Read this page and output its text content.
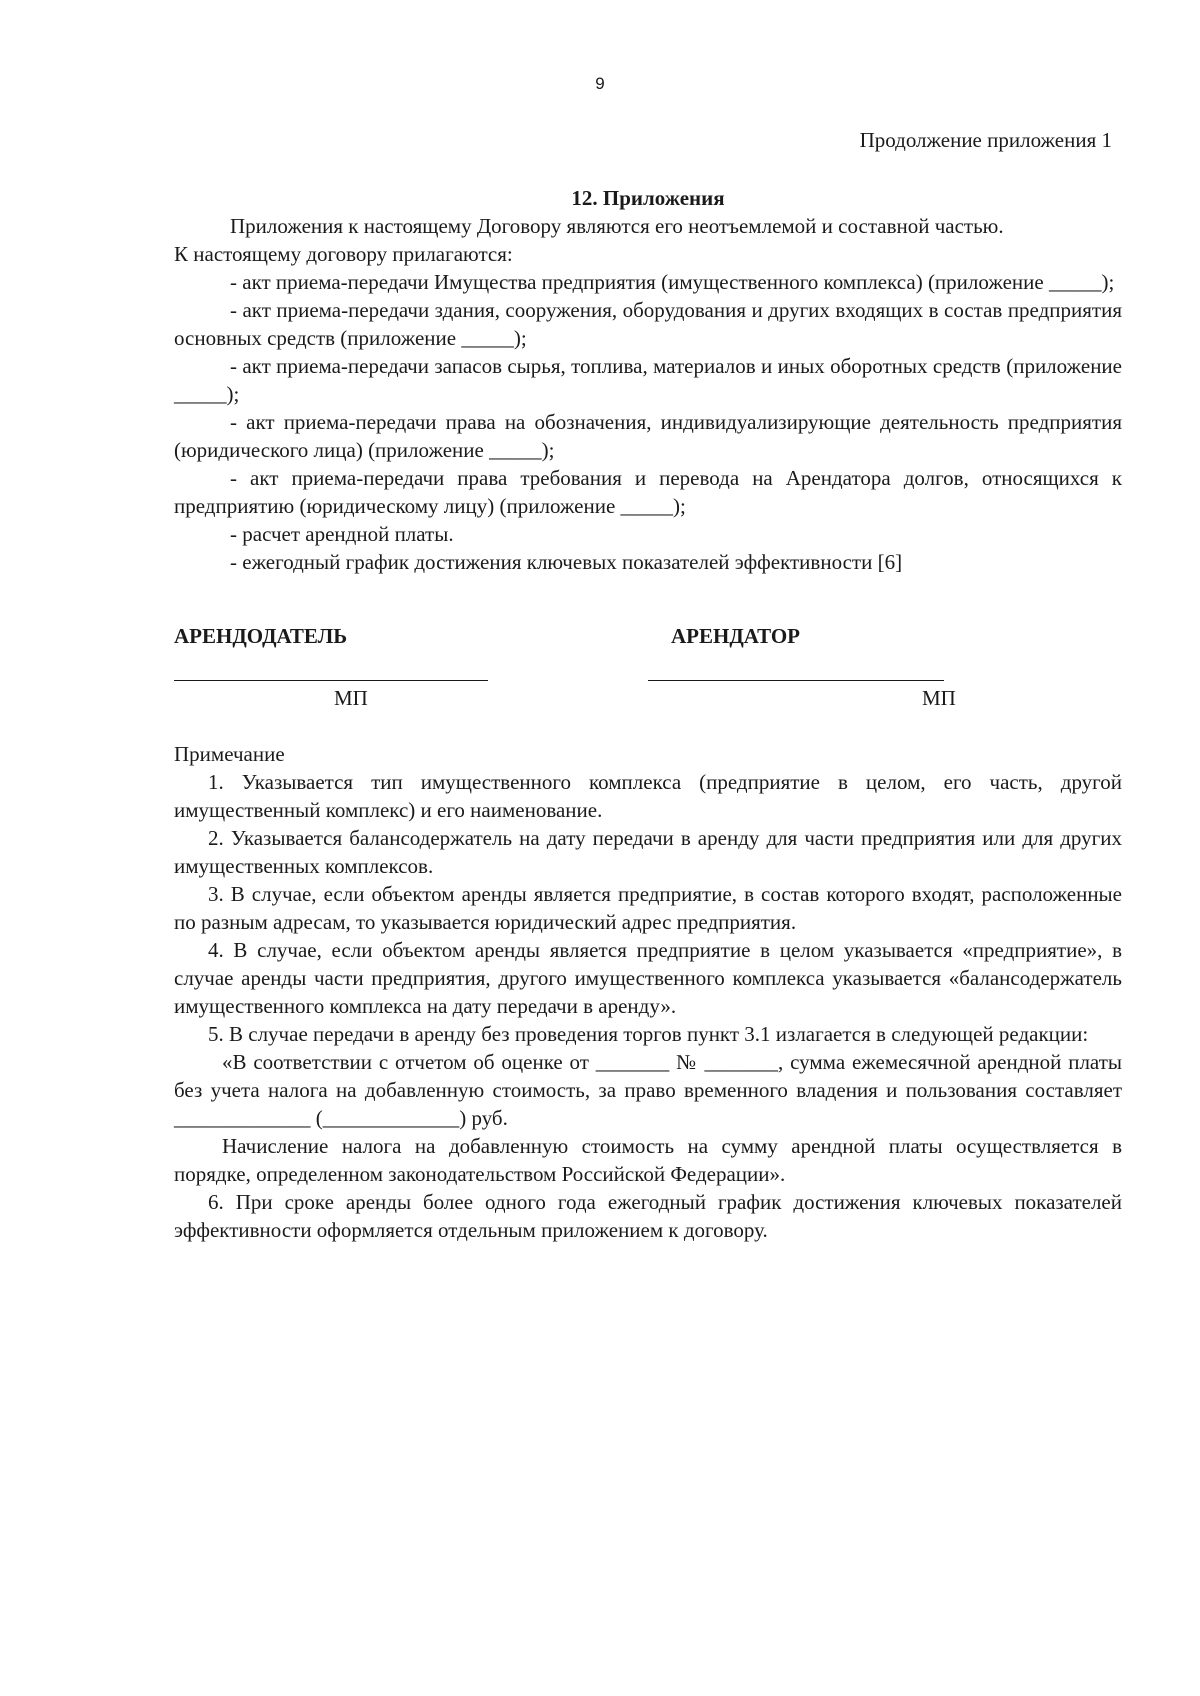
9
Продолжение приложения 1
12. Приложения

Приложения к настоящему Договору являются его неотъемлемой и составной частью.

К настоящему договору прилагаются:

- акт приема-передачи Имущества предприятия (имущественного комплекса) (приложение _____);

- акт приема-передачи здания, сооружения, оборудования и других входящих в состав предприятия основных средств (приложение _____);

- акт приема-передачи запасов сырья, топлива, материалов и иных оборотных средств (приложение _____);

- акт приема-передачи права на обозначения, индивидуализирующие деятельность предприятия (юридического лица) (приложение _____);

- акт приема-передачи права требования и перевода на Арендатора долгов, относящихся к предприятию (юридическому лицу) (приложение _____);

- расчет арендной платы.

- ежегодный график достижения ключевых показателей эффективности [6]

АРЕНДОДАТЕЛЬ	АРЕНДАТОР
МП	МП

Примечание

1. Указывается тип имущественного комплекса (предприятие в целом, его часть, другой имущественный комплекс) и его наименование.

2. Указывается балансодержатель на дату передачи в аренду для части предприятия или для других имущественных комплексов.

3. В случае, если объектом аренды является предприятие, в состав которого входят, расположенные по разным адресам, то указывается юридический адрес предприятия.

4. В случае, если объектом аренды является предприятие в целом указывается «предприятие», в случае аренды части предприятия, другого имущественного комплекса указывается «балансодержатель имущественного комплекса на дату передачи в аренду».

5. В случае передачи в аренду без проведения торгов пункт 3.1 излагается в следующей редакции:

«В соответствии с отчетом об оценке от _______ № _______, сумма ежемесячной арендной платы без учета налога на добавленную стоимость, за право временного владения и пользования составляет _____________ (_____________) руб.

Начисление налога на добавленную стоимость на сумму арендной платы осуществляется в порядке, определенном законодательством Российской Федерации».

6. При сроке аренды более одного года ежегодный график достижения ключевых показателей эффективности оформляется отдельным приложением к договору.
